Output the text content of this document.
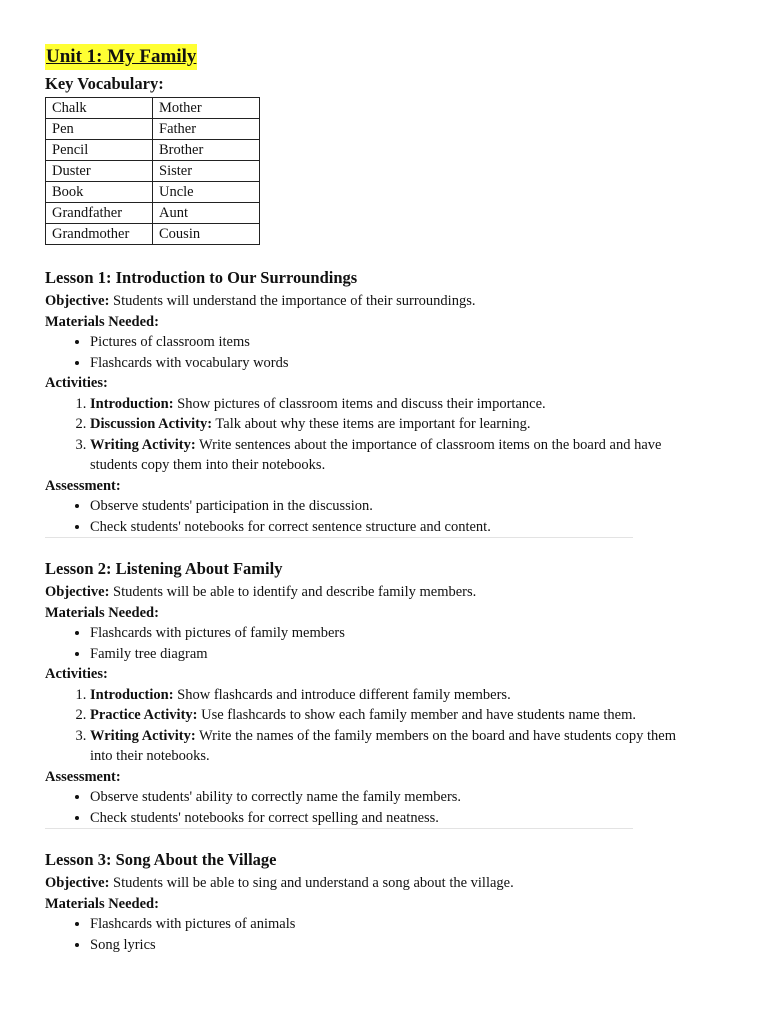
Unit 1: My Family
Key Vocabulary:
Chalk	Mother
Pen	Father
Pencil	Brother
Duster	Sister
Book	Uncle
Grandfather	Aunt
Grandmother	Cousin
Lesson 1: Introduction to Our Surroundings

Objective: Students will understand the importance of their surroundings.

Materials Needed:

• Pictures of classroom items
• Flashcards with vocabulary words

Activities:

1. Introduction: Show pictures of classroom items and discuss their importance.
2. Discussion Activity: Talk about why these items are important for learning.
3. Writing Activity: Write sentences about the importance of classroom items on the board and have students copy them into their notebooks.

Assessment:

• Observe students' participation in the discussion.
• Check students' notebooks for correct sentence structure and content.
Lesson 2: Listening About Family

Objective: Students will be able to identify and describe family members.

Materials Needed:

• Flashcards with pictures of family members
• Family tree diagram

Activities:

1. Introduction: Show flashcards and introduce different family members.
2. Practice Activity: Use flashcards to show each family member and have students name them.
3. Writing Activity: Write the names of the family members on the board and have students copy them into their notebooks.

Assessment:

• Observe students' ability to correctly name the family members.
• Check students' notebooks for correct spelling and neatness.
Lesson 3: Song About the Village

Objective: Students will be able to sing and understand a song about the village.

Materials Needed:

• Flashcards with pictures of animals
• Song lyrics
